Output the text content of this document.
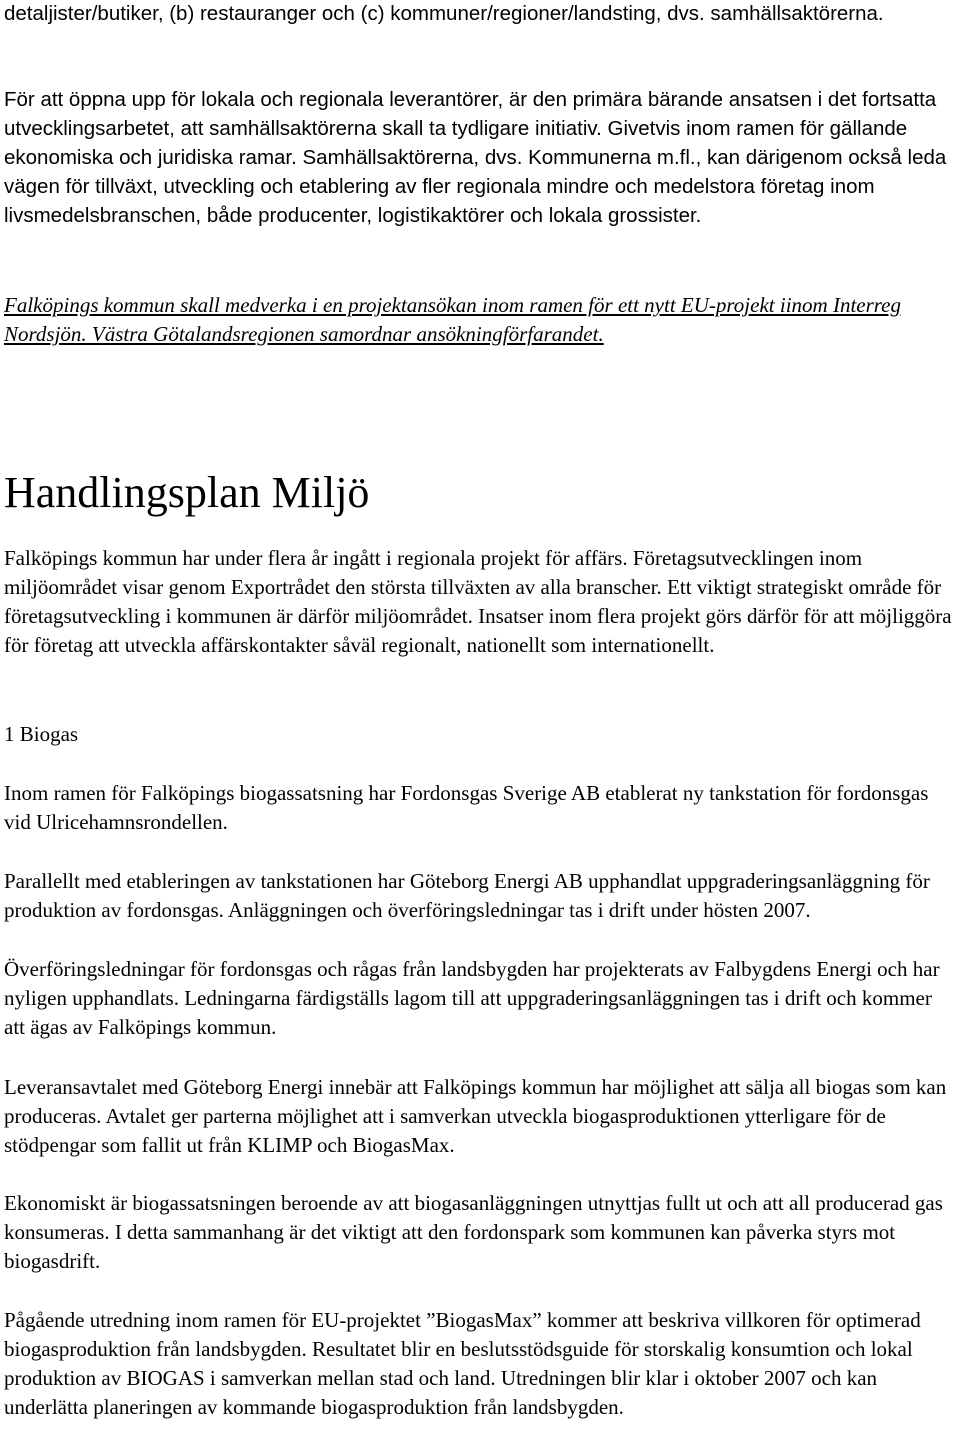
detaljister/butiker, (b) restauranger och (c) kommuner/regioner/landsting, dvs. samhällsaktörerna.

För att öppna upp för lokala och regionala leverantörer, är den primära bärande ansatsen i det fortsatta utvecklingsarbetet, att samhällsaktörerna skall ta tydligare initiativ. Givetvis inom ramen för gällande ekonomiska och juridiska ramar. Samhällsaktörerna, dvs. Kommunerna m.fl., kan därigenom också leda vägen för tillväxt, utveckling och etablering av fler regionala mindre och medelstora företag inom livsmedelsbranschen, både producenter, logistikaktörer och lokala grossister.

Falköpings kommun skall medverka i en projektansökan inom ramen för ett nytt EU-projekt iinom Interreg Nordsjön. Västra Götalandsregionen samordnar ansökningförfarandet.

Handlingsplan Miljö

Falköpings kommun har under flera år ingått i regionala projekt för affärs. Företagsutvecklingen inom miljöområdet visar genom Exportrådet den största tillväxten av alla branscher. Ett viktigt strategiskt område för företagsutveckling i kommunen är därför miljöområdet. Insatser inom flera projekt görs därför för att möjliggöra för företag att utveckla affärskontakter såväl regionalt, nationellt som internationellt.

1 Biogas

Inom ramen för Falköpings biogassatsning har Fordonsgas Sverige AB etablerat ny tankstation för fordonsgas vid Ulricehamnsrondellen.

Parallellt med etableringen av tankstationen har Göteborg Energi AB upphandlat uppgraderingsanläggning för produktion av fordonsgas. Anläggningen och överföringsledningar tas i drift under hösten 2007.

Överföringsledningar för fordonsgas och rågas från landsbygden har projekterats av Falbygdens Energi och har nyligen upphandlats. Ledningarna färdigställs lagom till att uppgraderingsanläggningen tas i drift och kommer att ägas av Falköpings kommun.

Leveransavtalet med Göteborg Energi innebär att Falköpings kommun har möjlighet att sälja all biogas som kan produceras. Avtalet ger parterna möjlighet att i samverkan utveckla biogasproduktionen ytterligare för de stödpengar som fallit ut från KLIMP och BiogasMax.

Ekonomiskt är biogassatsningen beroende av att biogasanläggningen utnyttjas fullt ut och att all producerad gas konsumeras. I detta sammanhang är det viktigt att den fordonspark som kommunen kan påverka styrs mot biogasdrift.

Pågående utredning inom ramen för EU-projektet ”BiogasMax” kommer att beskriva villkoren för optimerad biogasproduktion från landsbygden. Resultatet blir en beslutsstödsguide för storskalig konsumtion och lokal produktion av BIOGAS i samverkan mellan stad och land. Utredningen blir klar i oktober 2007 och kan underlätta planeringen av kommande biogasproduktion från landsbygden.
